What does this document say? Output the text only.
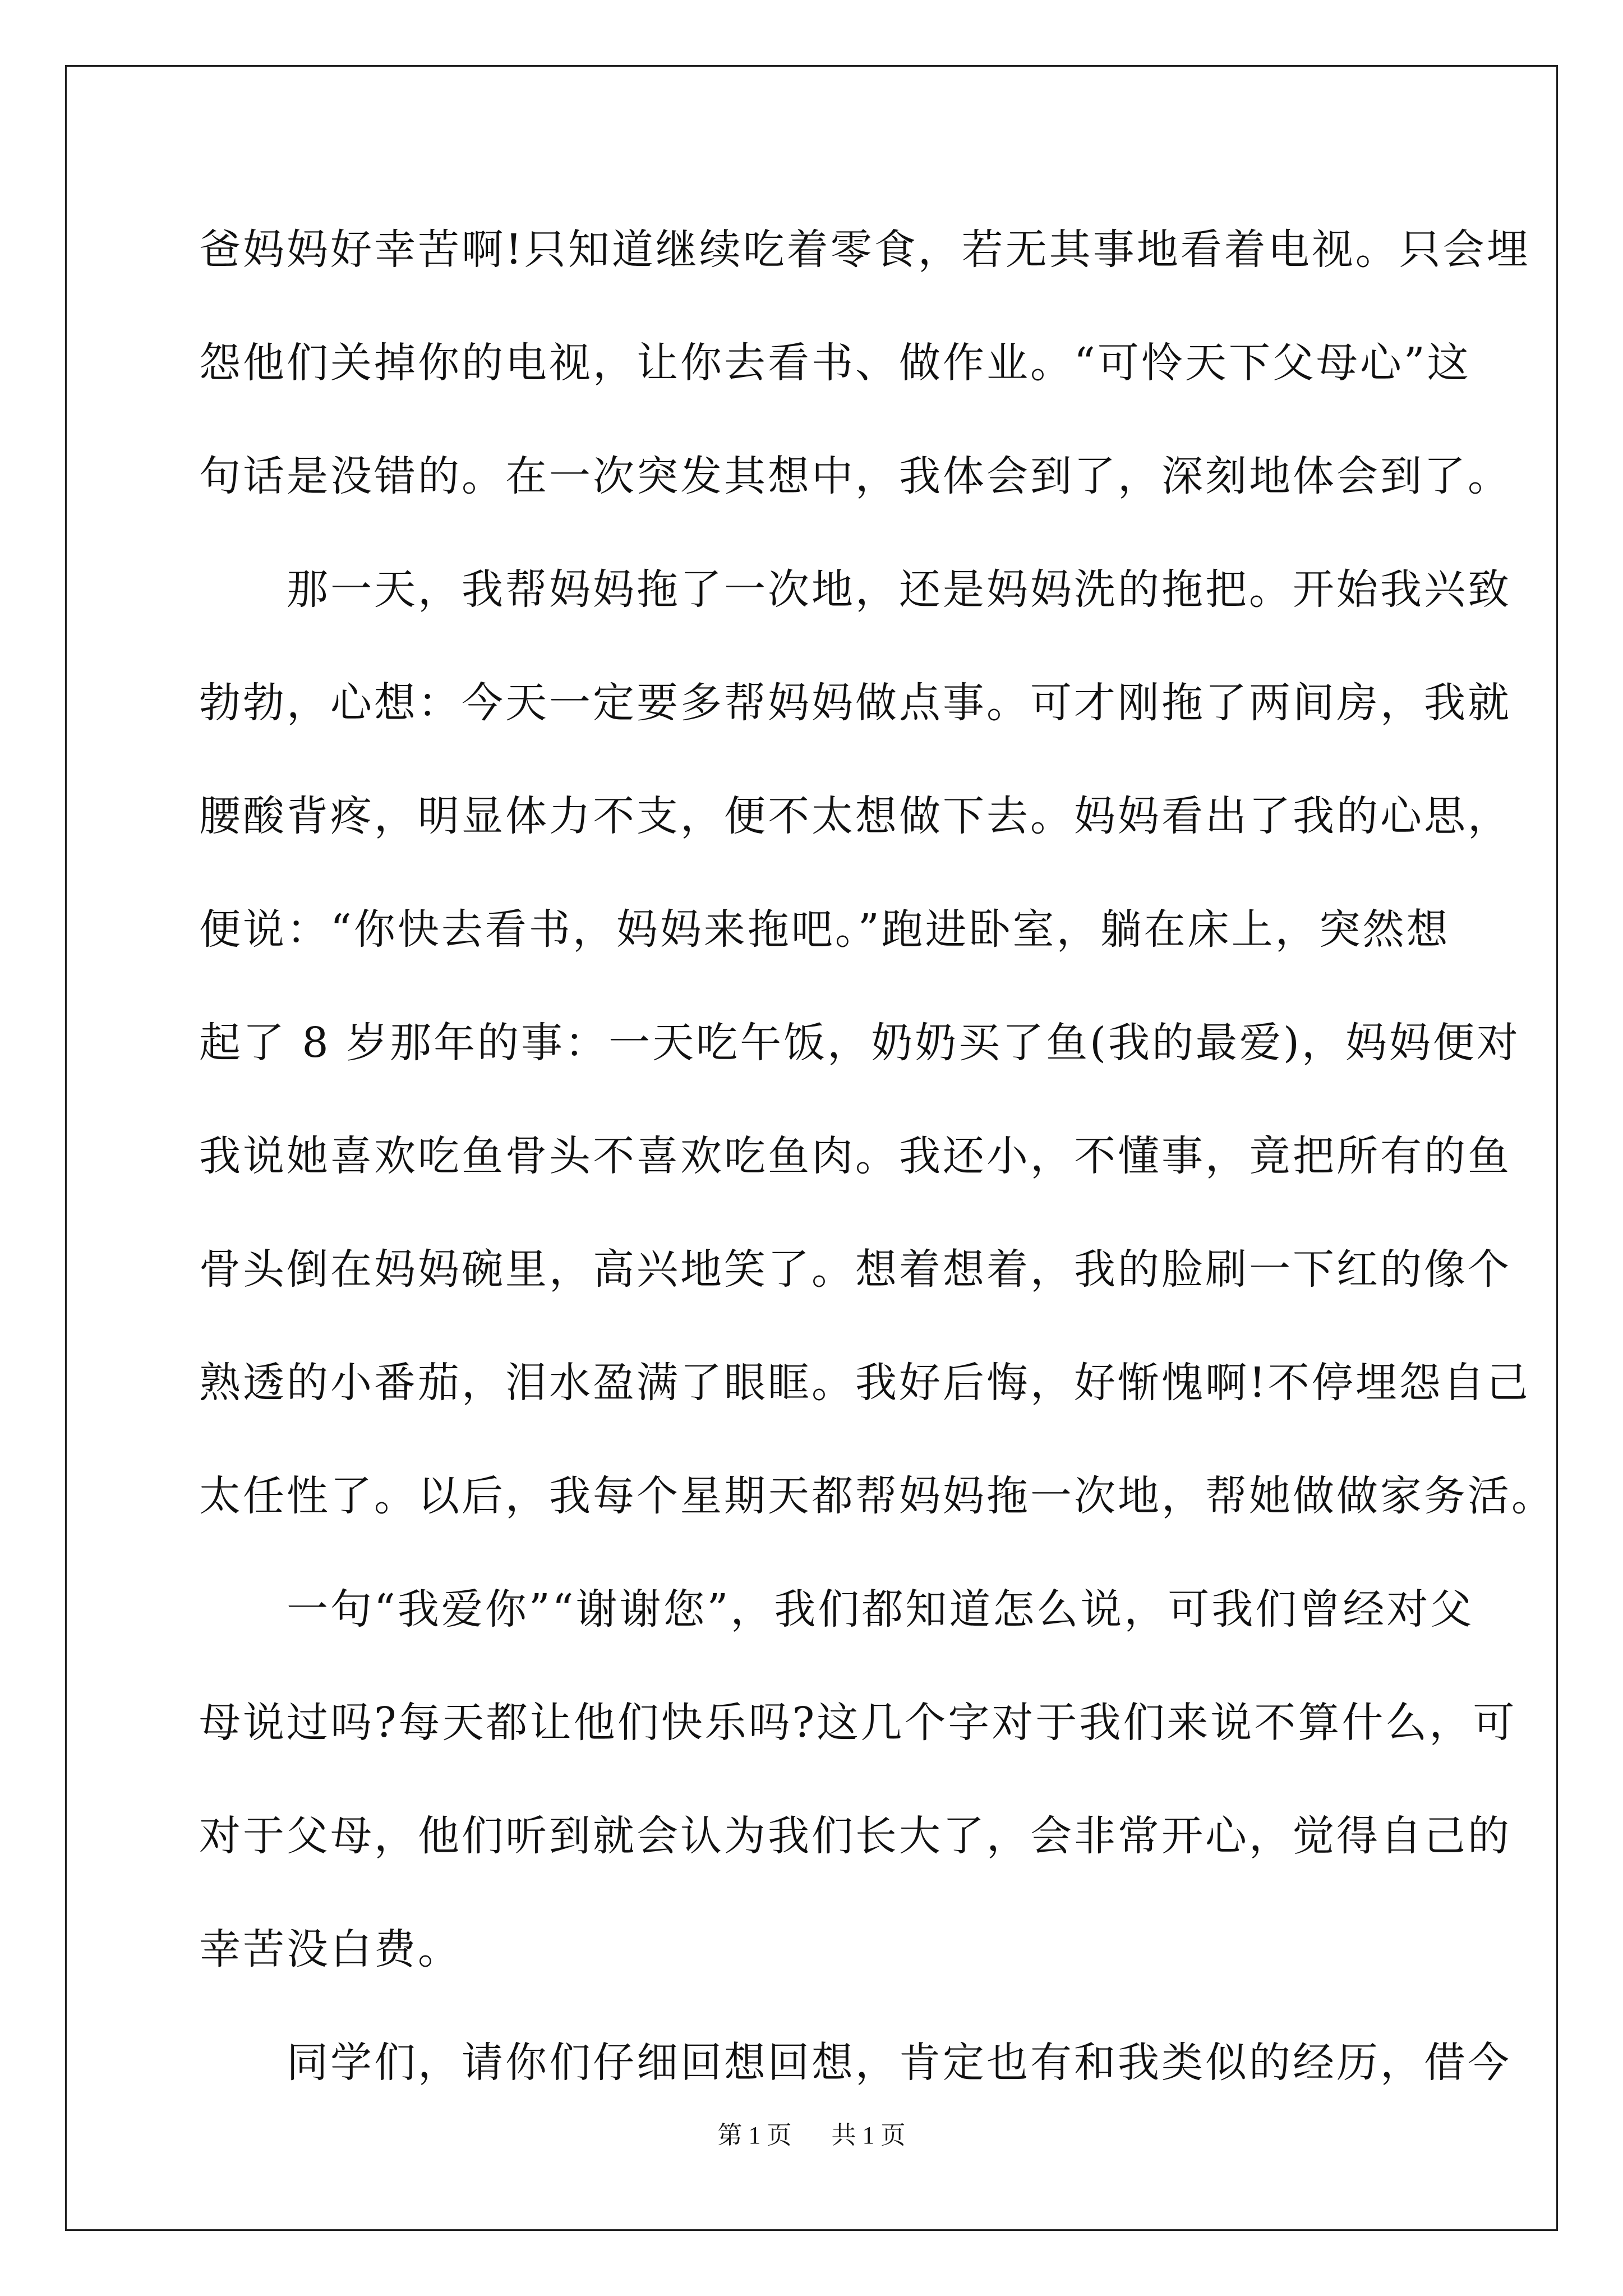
爸妈妈好幸苦啊!只知道继续吃着零食，若无其事地看着电视。只会埋
怨他们关掉你的电视，让你去看书、做作业。“可怜天下父母心”这
句话是没错的。在一次突发其想中，我体会到了，深刻地体会到了。
　　那一天，我帮妈妈拖了一次地，还是妈妈洗的拖把。开始我兴致
勃勃，心想：今天一定要多帮妈妈做点事。可才刚拖了两间房，我就
腰酸背疼，明显体力不支，便不太想做下去。妈妈看出了我的心思，
便说：“你快去看书，妈妈来拖吧。”跑进卧室，躺在床上，突然想
起了 8 岁那年的事：一天吃午饭，奶奶买了鱼(我的最爱)，妈妈便对
我说她喜欢吃鱼骨头不喜欢吃鱼肉。我还小，不懂事，竟把所有的鱼
骨头倒在妈妈碗里，高兴地笑了。想着想着，我的脸刷一下红的像个
熟透的小番茄，泪水盈满了眼眶。我好后悔，好惭愧啊!不停埋怨自己
太任性了。以后，我每个星期天都帮妈妈拖一次地，帮她做做家务活。
　　一句“我爱你”“谢谢您”，我们都知道怎么说，可我们曾经对父
母说过吗?每天都让他们快乐吗?这几个字对于我们来说不算什么，可
对于父母，他们听到就会认为我们长大了，会非常开心，觉得自己的
幸苦没白费。
　　同学们，请你们仔细回想回想，肯定也有和我类似的经历，借今
第 1 页 共 1 页
